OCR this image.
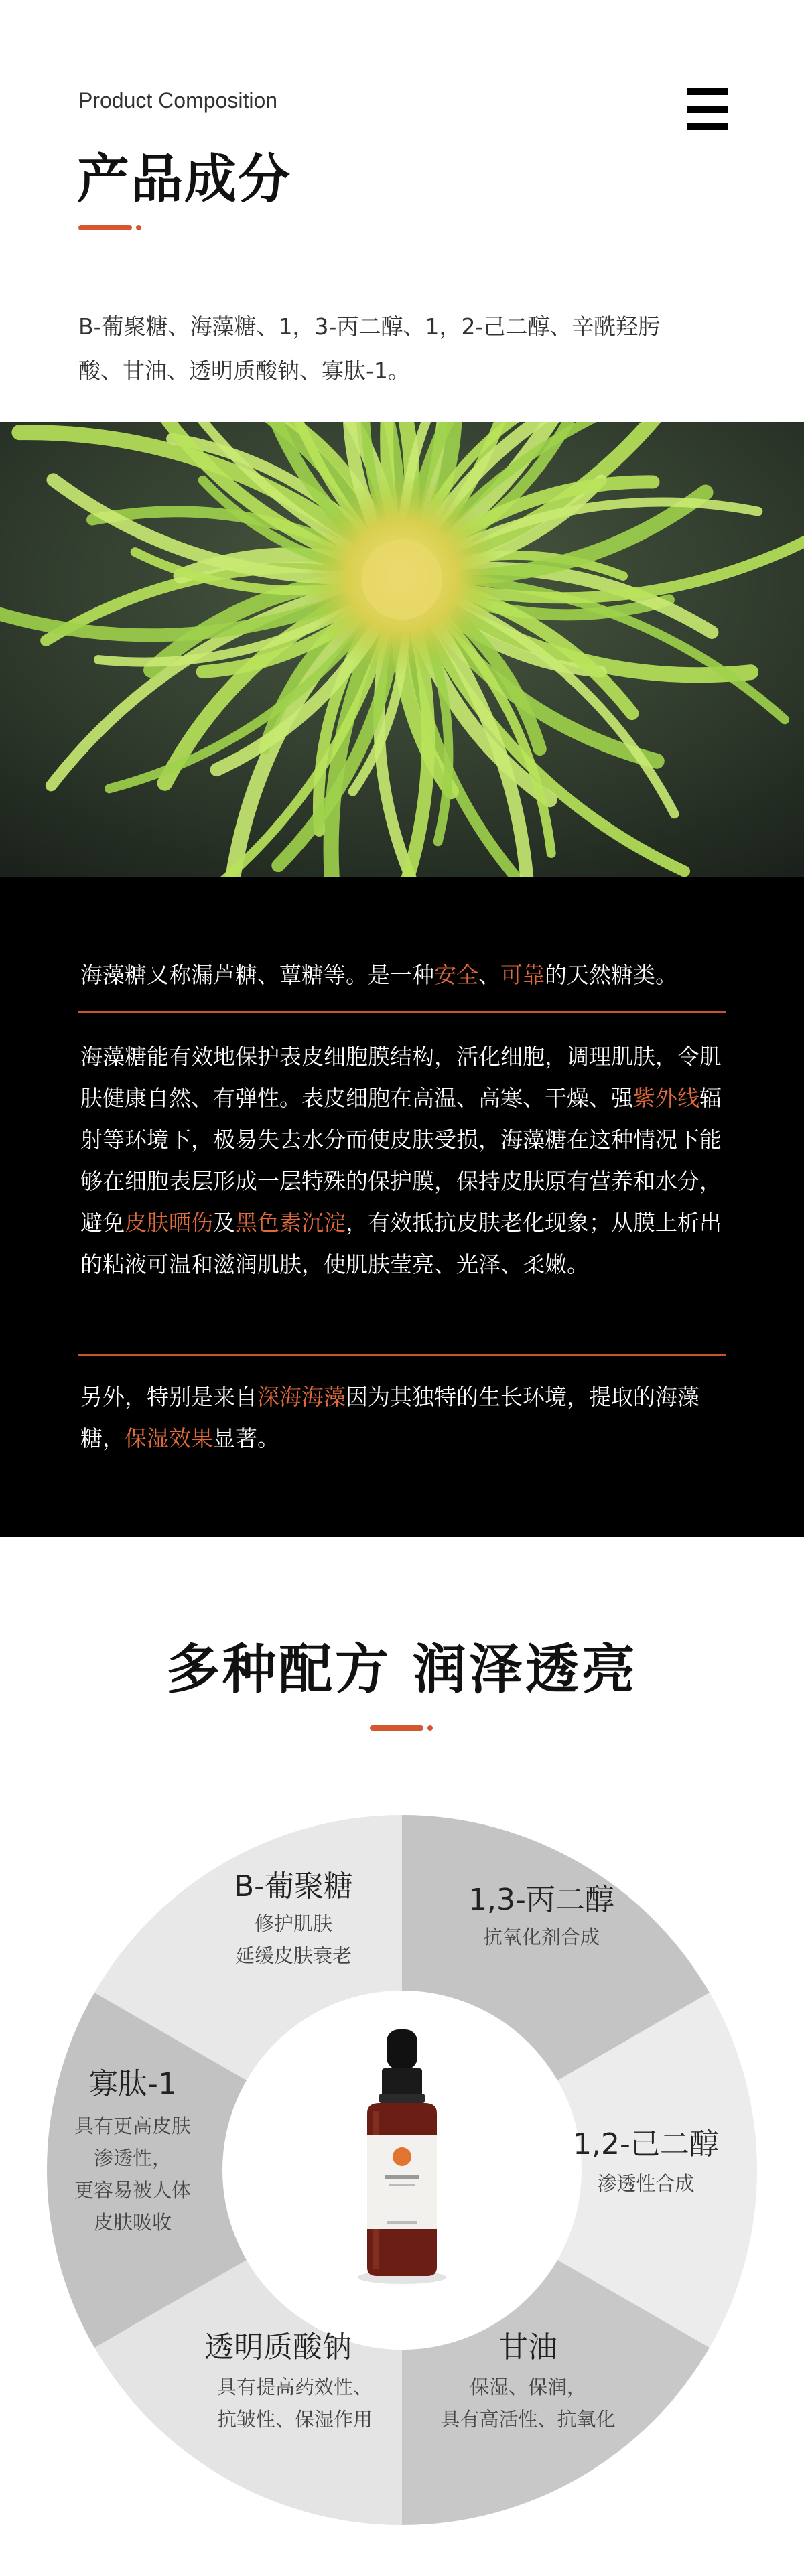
Product Composition
产品成分
B-葡聚糖、海藻糖、1，3-丙二醇、1，2-己二醇、辛酰羟肟
酸、甘油、透明质酸钠、寡肽-1。

海藻糖又称漏芦糖、蕈糖等。是一种安全、可靠的天然糖类。

海藻糖能有效地保护表皮细胞膜结构，活化细胞，调理肌肤，令肌肤健康自然、有弹性。表皮细胞在高温、高寒、干燥、强紫外线辐射等环境下，极易失去水分而使皮肤受损，海藻糖在这种情况下能够在细胞表层形成一层特殊的保护膜，保持皮肤原有营养和水分，避免皮肤晒伤及黑色素沉淀，有效抵抗皮肤老化现象；从膜上析出的粘液可温和滋润肌肤，使肌肤莹亮、光泽、柔嫩。

另外，特别是来自深海海藻因为其独特的生长环境，提取的海藻糖，保湿效果显著。

多种配方 润泽透亮
B-葡聚糖
修护肌肤
延缓皮肤衰老
1,3-丙二醇
抗氧化剂合成
1,2-己二醇
渗透性合成
甘油
保湿、保润，
具有高活性、抗氧化
透明质酸钠
具有提高药效性、
抗皱性、保湿作用
寡肽-1
具有更高皮肤
渗透性，
更容易被人体
皮肤吸收
